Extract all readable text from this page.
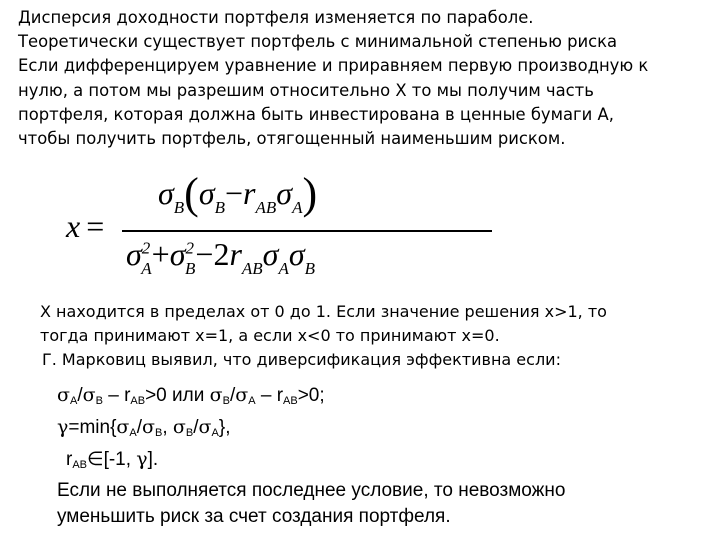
Дисперсия доходности портфеля изменяется по параболе.
Теоретически существует портфель с минимальной степенью риска
Если дифференцируем уравнение и приравняем первую производную к
нулю, а потом мы разрешим относительно Х то мы получим часть
портфеля, которая должна быть инвестирована в ценные бумаги А,
чтобы получить портфель, отягощенный наименьшим риском.
x =
$\sigma_B(\sigma_B-r_{AB}\sigma_A)$
$\sigma^2_A+\sigma^2_B-2r_{AB}\sigma_A\sigma_B$
Х находится в пределах от 0 до 1. Если значение решения x>1, то
тогда принимают x=1, а если x<0 то принимают x=0.
Г. Марковиц выявил, что диверсификация эффективна если:
$\sigma_A/\sigma_B - r_{AB}>0$ или $\sigma_B/\sigma_A - r_{AB}>0$;
$\gamma=\min\{\sigma_A/\sigma_B$, $\sigma_B/\sigma_A$},
$r_{AB}\in[-1$, γ].
Если не выполняется последнее условие, то невозможно
уменьшить риск за счет создания портфеля.
